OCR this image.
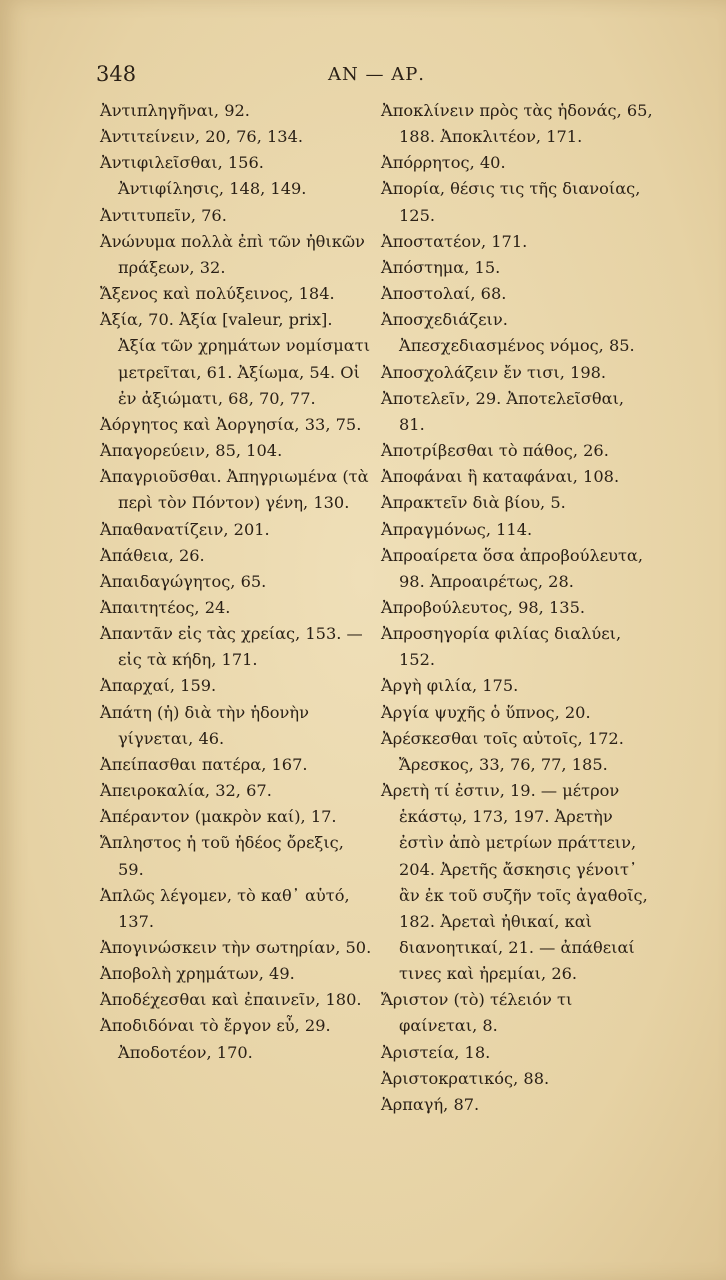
348	ΑΝ — ΑΡ.

Ἀντιπληγῆναι, 92.

Ἀντιτείνειν, 20, 76, 134.

Ἀντιφιλεῖσθαι, 156. Ἀντιφίλησις, 148, 149.

Ἀντιτυπεῖν, 76.

Ἀνώνυμα πολλὰ ἐπὶ τῶν ἠθικῶν πράξεων, 32.

Ἄξενος καὶ πολύξεινος, 184.

Ἀξία, 70. Ἀξία [valeur, prix]. Ἀξία τῶν χρημάτων νομίσματι μετρεῖται, 61. Ἀξίωμα, 54. Οἱ ἐν ἀξιώματι, 68, 70, 77.

Ἀόργητος καὶ Ἀοργησία, 33, 75.

Ἀπαγορεύειν, 85, 104.

Ἀπαγριοῦσθαι. Ἀπηγριωμένα (τὰ περὶ τὸν Πόντον) γένη, 130.

Ἀπαθανατίζειν, 201.

Ἀπάθεια, 26.

Ἀπαιδαγώγητος, 65.

Ἀπαιτητέος, 24.

Ἀπαντᾶν εἰς τὰς χρείας, 153. — εἰς τὰ κήδη, 171.

Ἀπαρχαί, 159.

Ἀπάτη (ἡ) διὰ τὴν ἡδονὴν γίγνεται, 46.

Ἀπείπασθαι πατέρα, 167.

Ἀπειροκαλία, 32, 67.

Ἀπέραντον (μακρὸν καί), 17.

Ἄπληστος ἡ τοῦ ἡδέος ὄρεξις, 59.

Ἁπλῶς λέγομεν, τὸ καθ᾽ αὑτό, 137.

Ἀπογινώσκειν τὴν σωτηρίαν, 50.

Ἀποβολὴ χρημάτων, 49.

Ἀποδέχεσθαι καὶ ἐπαινεῖν, 180.

Ἀποδιδόναι τὸ ἔργον εὖ, 29. Ἀποδοτέον, 170.

Ἀποκλίνειν πρὸς τὰς ἡδονάς, 65, 188. Ἀποκλιτέον, 171.

Ἀπόρρητος, 40.

Ἀπορία, θέσις τις τῆς διανοίας, 125.

Ἀποστατέον, 171.

Ἀπόστημα, 15.

Ἀποστολαί, 68.

Ἀποσχεδιάζειν. Ἀπεσχεδιασμένος νόμος, 85.

Ἀποσχολάζειν ἔν τισι, 198.

Ἀποτελεῖν, 29. Ἀποτελεῖσθαι, 81.

Ἀποτρίβεσθαι τὸ πάθος, 26.

Ἀποφάναι ἢ καταφάναι, 108.

Ἀπρακτεῖν διὰ βίου, 5.

Ἀπραγμόνως, 114.

Ἀπροαίρετα ὅσα ἀπροβούλευτα, 98. Ἀπροαιρέτως, 28.

Ἀπροβούλευτος, 98, 135.

Ἀπροσηγορία φιλίας διαλύει, 152.

Ἀργὴ φιλία, 175.

Ἀργία ψυχῆς ὁ ὕπνος, 20.

Ἀρέσκεσθαι τοῖς αὐτοῖς, 172. Ἄρεσκος, 33, 76, 77, 185.

Ἀρετὴ τί ἐστιν, 19. — μέτρον ἑκάστῳ, 173, 197. Ἀρετὴν ἐστὶν ἀπὸ μετρίων πράττειν, 204. Ἀρετῆς ἄσκησις γένοιτ᾽ ἂν ἐκ τοῦ συζῆν τοῖς ἀγαθοῖς, 182. Ἀρεταὶ ἠθικαί, καὶ διανοητικαί, 21. — ἀπάθειαί τινες καὶ ἠρεμίαι, 26.

Ἄριστον (τὸ) τέλειόν τι φαίνεται, 8.

Ἀριστεία, 18.

Ἀριστοκρατικός, 88.

Ἁρπαγή, 87.
